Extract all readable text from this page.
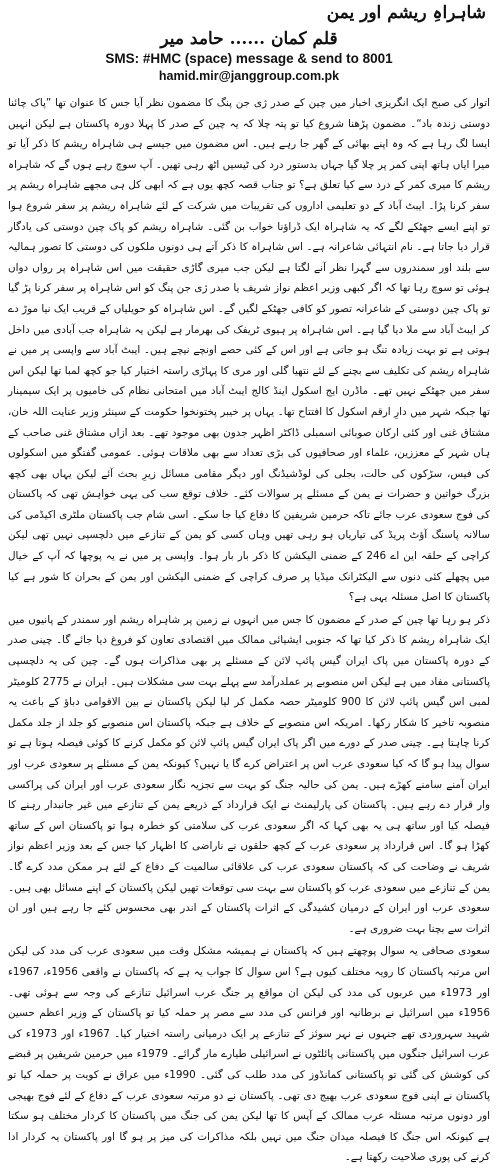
شاہراہِ ریشم اور یمن
قلم کمان ...... حامد میر
SMS: #HMC (space) message & send to 8001
hamid.mir@janggroup.com.pk

اتوار کی صبح ایک انگریزی اخبار میں چین کے صدر ژی جن پنگ کا مضمون نظر آیا جس کا عنوان تھا ”پاک چائنا دوستی زندہ باد“۔ مضمون پڑھنا شروع کیا تو پتہ چلا کہ یہ چین کے صدر کا پہلا دورہ پاکستان ہے لیکن انہیں ایسا لگ رہا ہے کہ وہ اپنے بھائی کے گھر جا رہے ہیں۔ اس مضمون میں جیسے ہی شاہراہ ریشم کا ذکر آیا تو میرا ایاں ہاتھ اپنی کمر پر چلا گیا جہاں بدستور درد کی ٹیسیں اٹھ رہی تھیں۔ آپ سوچ رہے ہوں گے کہ شاہراہ ریشم کا میری کمر کے درد سے کیا تعلق ہے؟ تو جناب قصہ کچھ یوں ہے کہ ابھی کل ہی مجھے شاہراہ ریشم پر سفر کرنا پڑا۔ ایبٹ آباد کے دو تعلیمی اداروں کی تقریبات میں شرکت کے لئے شاہراہ ریشم پر سفر شروع ہوا تو اپنے ایسے جھٹکے لگے کہ یہ شاہراہ ایک ڈراؤنا خواب بن گئی۔ شاہراہ ریشم کو پاک چین دوستی کی یادگار قرار دیا جاتا ہے۔ نام انتہائی شاعرانہ ہے۔ اس شاہراہ کا ذکر آتے ہی دونوں ملکوں کی دوستی کا تصور ہمالیہ سے بلند اور سمندروں سے گہرا نظر آنے لگتا ہے لیکن جب میری گاڑی حقیقت میں اس شاہراہ پر رواں دواں ہوئی تو سوچ رہا تھا کہ اگر کبھی وزیر اعظم نواز شریف یا صدر ژی جن پنگ کو اس شاہراہ پر سفر کرنا پڑ گیا تو پاک چین دوستی کے شاعرانہ تصور کو کافی جھٹکے لگیں گے۔ اس شاہراہ کو حویلیاں کے قریب ایک نیا موڑ دے کر ایبٹ آباد سے ملا دیا گیا ہے۔ اس شاہراہ پر ہیوی ٹریفک کی بھرمار ہے لیکن یہ شاہراہ جب آبادی میں داخل ہوتی ہے تو بہت زیادہ تنگ ہو جاتی ہے اور اس کے کئی حصے اونچے نیچے ہیں۔ ایبٹ آباد سے واپسی پر میں نے شاہراہ ریشم کی تکلیف سے بچنے کے لئے نتھیا گلی اور مری کا پہاڑی راستہ اختیار کیا جو کچھ لمبا تھا لیکن اس سفر میں جھٹکے نہیں تھے۔ ماڈرن ایج اسکول اینڈ کالج ایبٹ آباد میں امتحانی نظام کی خامیوں پر ایک سیمینار تھا جبکہ شہر میں دارِ ارقم اسکول کا افتتاح تھا۔ یہاں پر خیبر پختونخوا حکومت کے سینئر وزیر عنایت اللہ خان، مشتاق غنی اور کئی ارکان صوبائی اسمبلی ڈاکٹر اظہر جدون بھی موجود تھے۔ بعد ازاں مشتاق غنی صاحب کے ہاں شہر کے معززین، علماء اور صحافیوں کی بڑی تعداد سے بھی ملاقات ہوئی۔ عمومی گفتگو میں اسکولوں کی فیس، سڑکوں کی حالت، بجلی کی لوڈشیڈنگ اور دیگر مقامی مسائل زیرِ بحث آئے لیکن یہاں بھی کچھ بزرگ خواتین و حضرات نے یمن کے مسئلے پر سوالات کئے۔ خلاف توقع سب کی یہی خواہش تھی کہ پاکستان کی فوج سعودی عرب جائے تاکہ حرمین شریفین کا دفاع کیا جا سکے۔ اسی شام جب پاکستان ملٹری اکیڈمی کی سالانہ پاسنگ آؤٹ پریڈ کی تیاریاں ہو رہی تھیں وہاں کسی کو یمن کے تنازعے میں دلچسپی نہیں تھی لیکن کراچی کے حلقہ این اے 246 کے ضمنی الیکشن کا ذکر بار بار ہوا۔ واپسی پر میں نے یہ پوچھا کہ آپ کے خیال میں پچھلے کئی دنوں سے الیکٹرانک میڈیا پر صرف کراچی کے ضمنی الیکشن اور یمن کے بحران کا شور ہے کیا پاکستان کا اصل مسئلہ یہی ہے؟

ذکر ہو رہا تھا چین کے صدر کے مضمون کا جس میں انہوں نے زمین پر شاہراہ ریشم اور سمندر کے پانیوں میں ایک شاہراہ ریشم کا ذکر کیا تھا کہ جنوبی ایشیائی ممالک میں اقتصادی تعاون کو فروغ دیا جائے گا۔ چینی صدر کے دورہ پاکستان میں پاک ایران گیس پائپ لائن کے مسئلے پر بھی مذاکرات ہوں گے۔ چین کی یہ دلچسپی پاکستانی مفاد میں ہے لیکن اس منصوبے پر عملدرآمد سے پہلے بہت سی مشکلات ہیں۔ ایران نے 2775 کلومیٹر لمبی اس گیس پائپ لائن کا 900 کلومیٹر حصہ مکمل کر لیا لیکن پاکستان نے بین الاقوامی دباؤ کے باعث یہ منصوبہ تاخیر کا شکار رکھا۔ امریکہ اس منصوبے کے خلاف ہے جبکہ پاکستان اس منصوبے کو جلد از جلد مکمل کرنا چاہتا ہے۔ چینی صدر کے دورے میں اگر پاک ایران گیس پائپ لائن کو مکمل کرنے کا کوئی فیصلہ ہوتا ہے تو سوال پیدا ہو گا کہ کیا سعودی عرب اس پر اعتراض کرے گا یا نہیں؟ کیونکہ یمن کے مسئلے پر سعودی عرب اور ایران آمنے سامنے کھڑے ہیں۔ یمن کی حالیہ جنگ کو بہت سے تجزیہ نگار سعودی عرب اور ایران کی پراکسی وار قرار دے رہے ہیں۔ پاکستان کی پارلیمنٹ نے ایک قرارداد کے ذریعے یمن کے تنازعے میں غیر جانبدار رہنے کا فیصلہ کیا اور ساتھ ہی یہ بھی کہا کہ اگر سعودی عرب کی سلامتی کو خطرہ ہوا تو پاکستان اس کے ساتھ کھڑا ہو گا۔ اس قرارداد پر سعودی عرب کے کچھ حلقوں نے ناراضی کا اظہار کیا جس کے بعد وزیر اعظم نواز شریف نے وضاحت کی کہ پاکستان سعودی عرب کی علاقائی سالمیت کے دفاع کے لئے ہر ممکن مدد کرے گا۔ یمن کے تنازعے میں سعودی عرب کو پاکستان سے بہت سی توقعات تھیں لیکن پاکستان کے اپنے مسائل بھی ہیں۔ سعودی عرب اور ایران کے درمیان کشیدگی کے اثرات پاکستان کے اندر بھی محسوس کئے جا رہے ہیں اور ان اثرات سے بچنا بہت ضروری ہے۔

سعودی صحافی یہ سوال پوچھتے ہیں کہ پاکستان نے ہمیشہ مشکل وقت میں سعودی عرب کی مدد کی لیکن اس مرتبہ پاکستان کا رویہ مختلف کیوں ہے؟ اس سوال کا جواب یہ ہے کہ پاکستان نے واقعی 1956ء، 1967ء اور 1973ء میں عربوں کی مدد کی لیکن ان مواقع پر جنگ عرب اسرائیل تنازعے کی وجہ سے ہوئی تھی۔ 1956ء میں اسرائیل نے برطانیہ اور فرانس کی مدد سے مصر پر حملہ کیا تو پاکستان کے وزیر اعظم حسین شہید سہروردی تھے جنہوں نے نہر سوئز کے تنازعے پر ایک درمیانی راستہ اختیار کیا۔ 1967ء اور 1973ء کی عرب اسرائیل جنگوں میں پاکستانی پائلٹوں نے اسرائیلی طیارے مار گرائے۔ 1979ء میں حرمین شریفین پر قبضے کی کوشش کی گئی تو پاکستانی کمانڈوز کی مدد طلب کی گئی۔ 1990ء میں عراق نے کویت پر حملہ کیا تو پاکستان نے اپنی فوج سعودی عرب بھیج دی تھی۔ پاکستان نے دو مرتبہ سعودی عرب کے دفاع کے لئے فوج بھیجی اور دونوں مرتبہ مسئلہ عرب ممالک کے آپس کا تھا لیکن یمن کی جنگ میں پاکستان کا کردار مختلف ہو سکتا ہے کیونکہ اس جنگ کا فیصلہ میدان جنگ میں نہیں بلکہ مذاکرات کی میز پر ہو گا اور پاکستان یہ کردار ادا کرنے کی پوری صلاحیت رکھتا ہے۔
